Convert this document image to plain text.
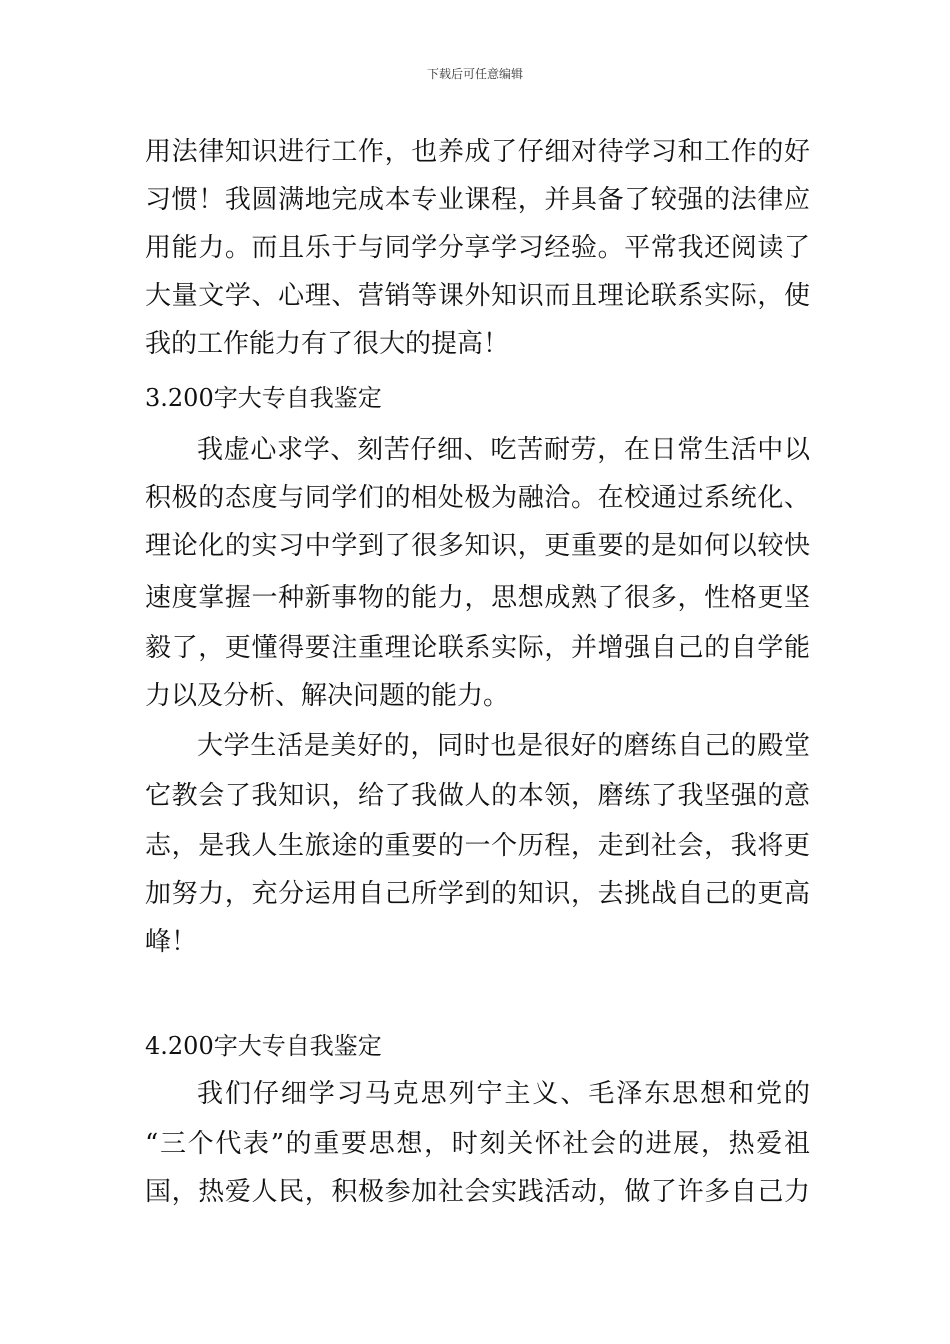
下载后可任意编辑
用法律知识进行工作，也养成了仔细对待学习和工作的好
习惯！我圆满地完成本专业课程，并具备了较强的法律应
用能力。而且乐于与同学分享学习经验。平常我还阅读了
大量文学、心理、营销等课外知识而且理论联系实际，使
我的工作能力有了很大的提高！
3.200字大专自我鉴定
我虚心求学、刻苦仔细、吃苦耐劳，在日常生活中以
积极的态度与同学们的相处极为融洽。在校通过系统化、
理论化的实习中学到了很多知识，更重要的是如何以较快
速度掌握一种新事物的能力，思想成熟了很多，性格更坚
毅了，更懂得要注重理论联系实际，并增强自己的自学能
力以及分析、解决问题的能力。
大学生活是美好的，同时也是很好的磨练自己的殿堂
它教会了我知识，给了我做人的本领，磨练了我坚强的意
志，是我人生旅途的重要的一个历程，走到社会，我将更
加努力，充分运用自己所学到的知识，去挑战自己的更高
峰！
4.200字大专自我鉴定
我们仔细学习马克思列宁主义、毛泽东思想和党的
“三个代表”的重要思想，时刻关怀社会的进展，热爱祖
国，热爱人民，积极参加社会实践活动，做了许多自己力
